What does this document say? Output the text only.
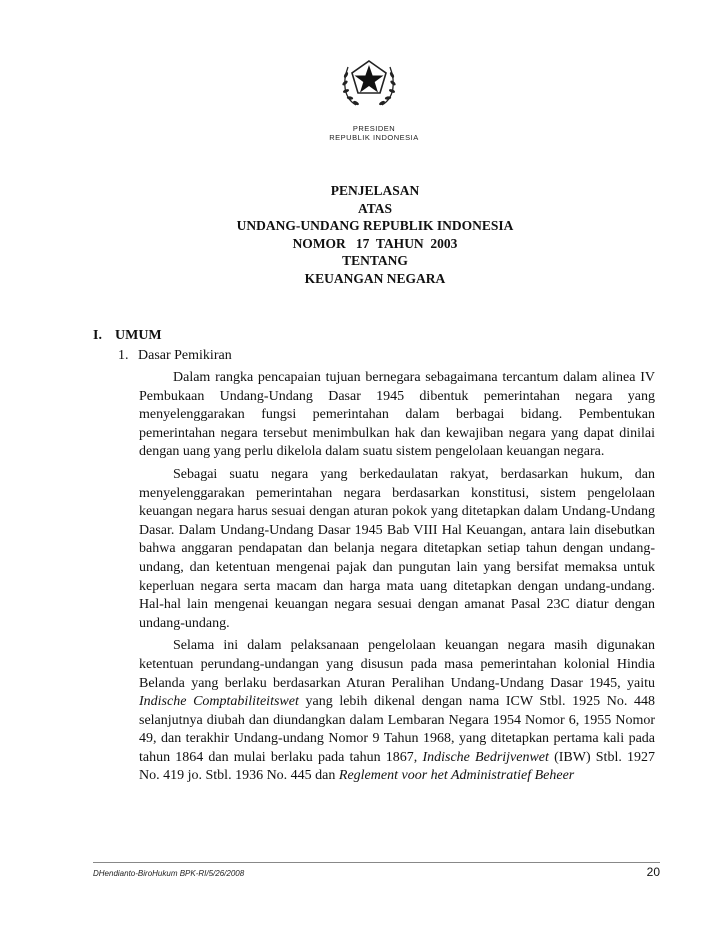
PRESIDEN
REPUBLIK INDONESIA
PENJELASAN
ATAS
UNDANG-UNDANG REPUBLIK INDONESIA
NOMOR   17  TAHUN  2003
TENTANG
KEUANGAN NEGARA
I. UMUM
1. Dasar Pemikiran

Dalam rangka pencapaian tujuan bernegara sebagaimana tercantum dalam alinea IV Pembukaan Undang-Undang Dasar 1945 dibentuk pemerintahan negara yang menyelenggarakan fungsi pemerintahan dalam berbagai bidang. Pembentukan pemerintahan negara tersebut menimbulkan hak dan kewajiban negara yang dapat dinilai dengan uang yang perlu dikelola dalam suatu sistem pengelolaan keuangan negara.

Sebagai suatu negara yang berkedaulatan rakyat, berdasarkan hukum, dan menyelenggarakan pemerintahan negara berdasarkan konstitusi, sistem pengelolaan keuangan negara harus sesuai dengan aturan pokok yang ditetapkan dalam Undang-Undang Dasar. Dalam Undang-Undang Dasar 1945 Bab VIII Hal Keuangan, antara lain disebutkan bahwa anggaran pendapatan dan belanja negara ditetapkan setiap tahun dengan undang-undang, dan ketentuan mengenai pajak dan pungutan lain yang bersifat memaksa untuk keperluan negara serta macam dan harga mata uang ditetapkan dengan undang-undang. Hal-hal lain mengenai keuangan negara sesuai dengan amanat Pasal 23C diatur dengan undang-undang.

Selama ini dalam pelaksanaan pengelolaan keuangan negara masih digunakan ketentuan perundang-undangan yang disusun pada masa pemerintahan kolonial Hindia Belanda yang berlaku berdasarkan Aturan Peralihan Undang-Undang Dasar 1945, yaitu Indische Comptabiliteitswet yang lebih dikenal dengan nama ICW Stbl. 1925 No. 448 selanjutnya diubah dan diundangkan dalam Lembaran Negara 1954 Nomor 6, 1955 Nomor 49, dan terakhir Undang-undang Nomor 9 Tahun 1968, yang ditetapkan pertama kali pada tahun 1864 dan mulai berlaku pada tahun 1867, Indische Bedrijvenwet (IBW) Stbl. 1927 No. 419 jo. Stbl. 1936 No. 445 dan Reglement voor het Administratief Beheer

DHendianto-BiroHukum BPK-RI/5/26/2008	20
